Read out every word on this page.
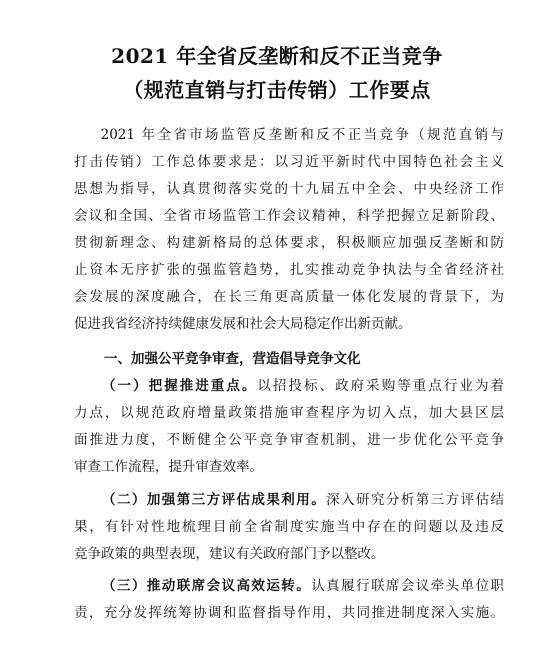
2021 年全省反垄断和反不正当竞争
（规范直销与打击传销）工作要点
2021 年全省市场监管反垄断和反不正当竞争（规范直销与
打击传销）工作总体要求是：以习近平新时代中国特色社会主义
思想为指导，认真贯彻落实党的十九届五中全会、中央经济工作
会议和全国、全省市场监管工作会议精神，科学把握立足新阶段、
贯彻新理念、构建新格局的总体要求，积极顺应加强反垄断和防
止资本无序扩张的强监管趋势，扎实推动竞争执法与全省经济社
会发展的深度融合，在长三角更高质量一体化发展的背景下，为
促进我省经济持续健康发展和社会大局稳定作出新贡献。
一、加强公平竞争审查，营造倡导竞争文化
（一）把握推进重点。以招投标、政府采购等重点行业为着
力点，以规范政府增量政策措施审查程序为切入点，加大县区层
面推进力度，不断健全公平竞争审查机制，进一步优化公平竞争
审查工作流程，提升审查效率。
（二）加强第三方评估成果利用。深入研究分析第三方评估结
果，有针对性地梳理目前全省制度实施当中存在的问题以及违反
竞争政策的典型表现，建议有关政府部门予以整改。
（三）推动联席会议高效运转。认真履行联席会议牵头单位职
责，充分发挥统筹协调和监督指导作用，共同推进制度深入实施。
